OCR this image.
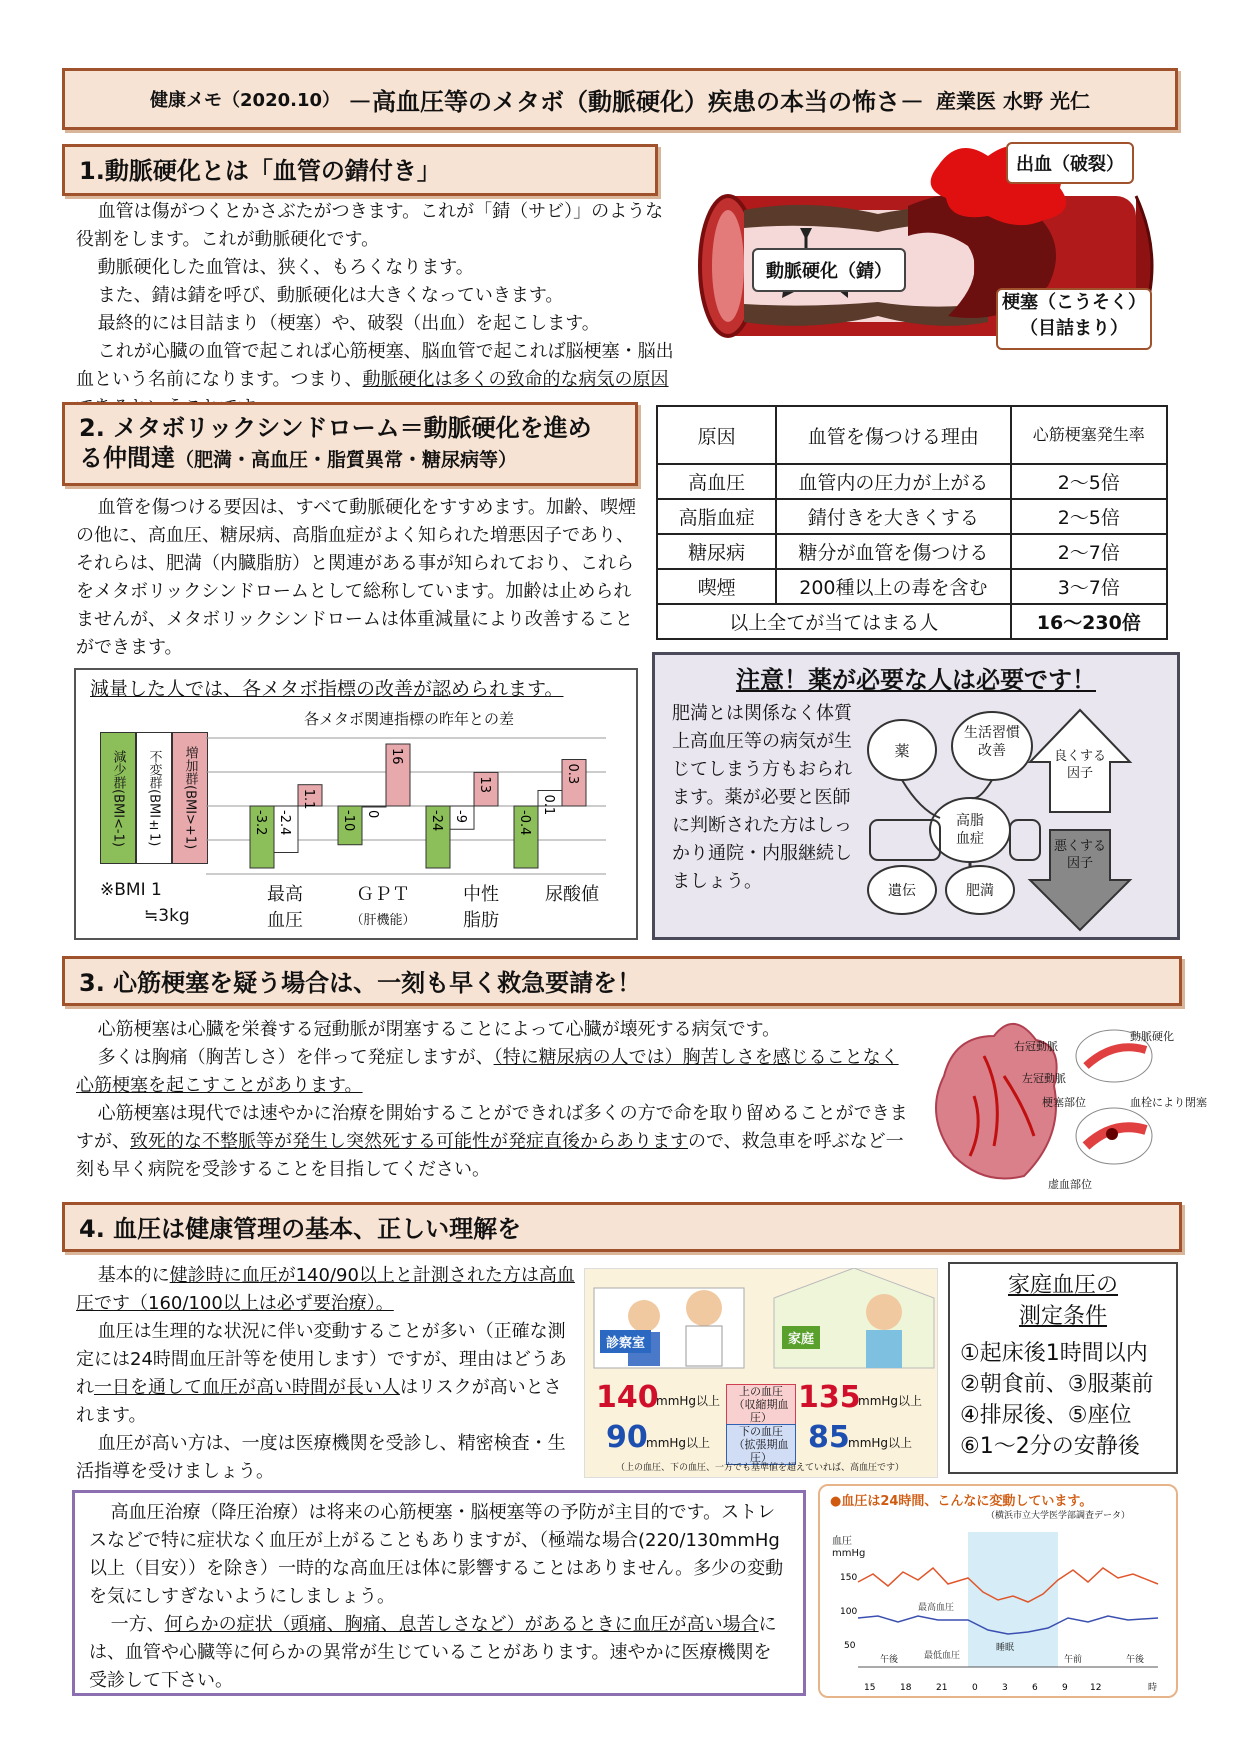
健康メモ（2020.10） －高血圧等のメタボ（動脈硬化）疾患の本当の怖さ－ 産業医 水野 光仁
1.動脈硬化とは「血管の錆付き」

血管は傷がつくとかさぶたがつきます。これが「錆（サビ）」のような役割をします。これが動脈硬化です。

動脈硬化した血管は、狭く、もろくなります。

また、錆は錆を呼び、動脈硬化は大きくなっていきます。

最終的には目詰まり（梗塞）や、破裂（出血）を起こします。

これが心臓の血管で起これば心筋梗塞、脳血管で起これば脳梗塞・脳出血という名前になります。つまり、動脈硬化は多くの致命的な病気の原因

出血（破裂）
動脈硬化（錆）
梗塞（こうそく）
（目詰まり）
2. メタボリックシンドローム＝動脈硬化を進め
る仲間達（肥満・高血圧・脂質異常・糖尿病等）

血管を傷つける要因は、すべて動脈硬化をすすめます。加齢、喫煙の他に、高血圧、糖尿病、高脂血症がよく知られた増悪因子であり、それらは、肥満（内臓脂肪）と関連がある事が知られており、これらをメタボリックシンドロームとして総称しています。加齢は止められませんが、メタボリックシンドロームは体重減量により改善することができます。

原因	血管を傷つける理由	心筋梗塞発生率
高血圧	血管内の圧力が上がる	2～5倍
高脂血症	錆付きを大きくする	2～5倍
糖尿病	糖分が血管を傷つける	2～7倍
喫煙	200種以上の毒を含む	3～7倍
以上全てが当てはまる人		16～230倍
減量した人では、各メタボ指標の改善が認められます。
各メタボ関連指標の昨年との差
減少群(BMI<-1)	不変群(BMI±1)	増加群(BMI>+1)	-3.2 -2.4
1.1
-10 0
16
-24 -9
13
-0.4
0.1
0.3
※BMI 1
≒3kg
最高
血圧
ＧＰＴ
（肝機能）
中性
脂肪
尿酸値
注意！薬が必要な人は必要です！
肥満とは関係なく体質上高血圧等の病気が生じてしまう方もおられます。薬が必要と医師に判断された方はしっかり通院・内服継続しましょう。
薬
生活習慣
改善
高脂
血症
遺伝	肥満
良くする
因子
悪くする
因子
3. 心筋梗塞を疑う場合は、一刻も早く救急要請を！

心筋梗塞は心臓を栄養する冠動脈が閉塞することによって心臓が壊死する病気です。

多くは胸痛（胸苦しさ）を伴って発症しますが、（特に糖尿病の人では）胸苦しさを感じることなく心筋梗塞を起こすことがあります。

心筋梗塞は現代では速やかに治療を開始することができれば多くの方で命を取り留めることができますが、致死的な不整脈等が発生し突然死する可能性が発症直後からありますので、救急車を呼ぶなど一刻も早く病院を受診することを目指してください。

右冠動脈
左冠動脈
梗塞部位
動脈硬化
血栓により閉塞
虚血部位
4. 血圧は健康管理の基本、正しい理解を

基本的に健診時に血圧が140/90以上と計測された方は高血圧です（160/100以上は必ず要治療）。

血圧は生理的な状況に伴い変動することが多い（正確な測定には24時間血圧計等を使用します）ですが、理由はどうあれ一日を通して血圧が高い時間が長い人はリスクが高いとされます。

血圧が高い方は、一度は医療機関を受診し、精密検査・生活指導を受けましょう。

診察室	家庭
140
mmHg以上
90
mmHg以上
上の血圧
（収縮期血圧）
下の血圧
（拡張期血圧）
135
mmHg以上
85
mmHg以上
（上の血圧、下の血圧、一方でも基準値を超えていれば、高血圧です）
家庭血圧の
測定条件
①起床後1時間以内
②朝食前、③服薬前
④排尿後、⑤座位
⑥1～2分の安静後

高血圧治療（降圧治療）は将来の心筋梗塞・脳梗塞等の予防が主目的です。ストレスなどで特に症状なく血圧が上がることもありますが、（極端な場合(220/130mmHg以上（目安））を除き）一時的な高血圧は体に影響することはありません。多少の変動を気にしすぎないようにしましょう。

一方、何らかの症状（頭痛、胸痛、息苦しさなど）があるときに血圧が高い場合には、血管や心臓等に何らかの異常が生じていることがあります。速やかに医療機関を受診して下さい。

●血圧は24時間、こんなに変動しています。
（横浜市立大学医学部調査データ）
血圧
mmHg
150
100
50
15	18	21	0	3	6	9 12
最高血圧
最低血圧
睡眠
午後	午前	午後
時
